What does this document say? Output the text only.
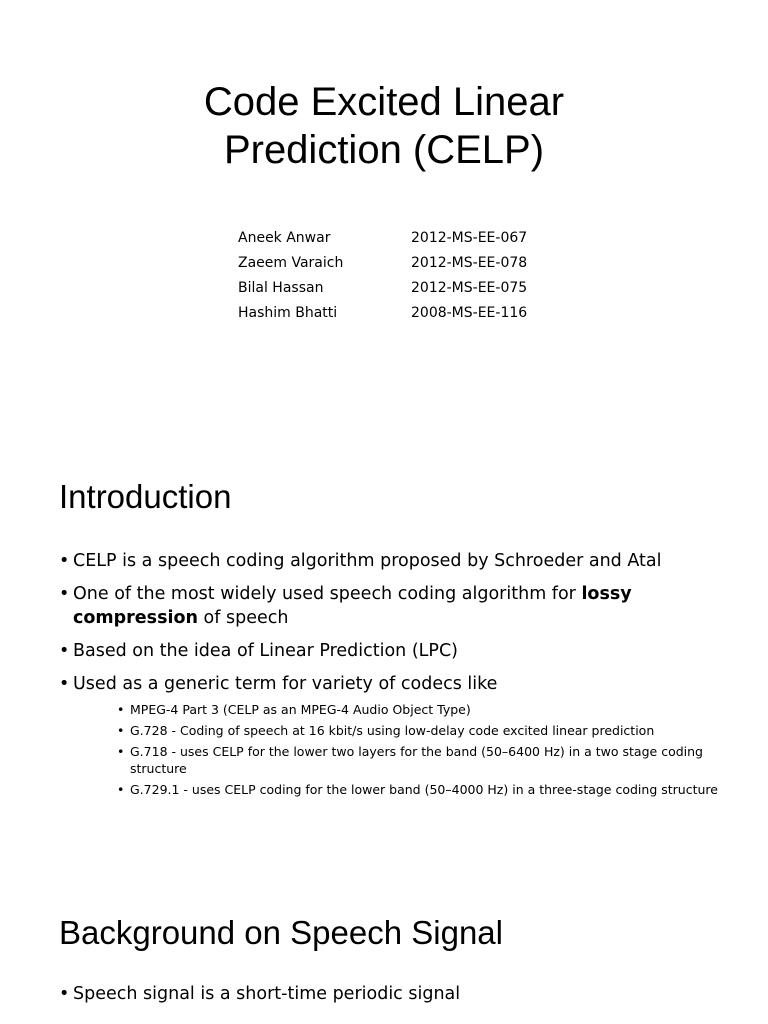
Code Excited Linear
Prediction (CELP)
Aneek Anwar	2012-MS-EE-067
Zaeem Varaich	2012-MS-EE-078
Bilal Hassan	2012-MS-EE-075
Hashim Bhatti	2008-MS-EE-116
Introduction
• CELP is a speech coding algorithm proposed by Schroeder and Atal
• One of the most widely used speech coding algorithm for lossy compression of speech
• Based on the idea of Linear Prediction (LPC)
• Used as a generic term for variety of codecs like
• MPEG-4 Part 3 (CELP as an MPEG-4 Audio Object Type)
• G.728 - Coding of speech at 16 kbit/s using low-delay code excited linear prediction
• G.718 - uses CELP for the lower two layers for the band (50–6400 Hz) in a two stage coding structure
• G.729.1 - uses CELP coding for the lower band (50–4000 Hz) in a three-stage coding structure
Background on Speech Signal
• Speech signal is a short-time periodic signal
